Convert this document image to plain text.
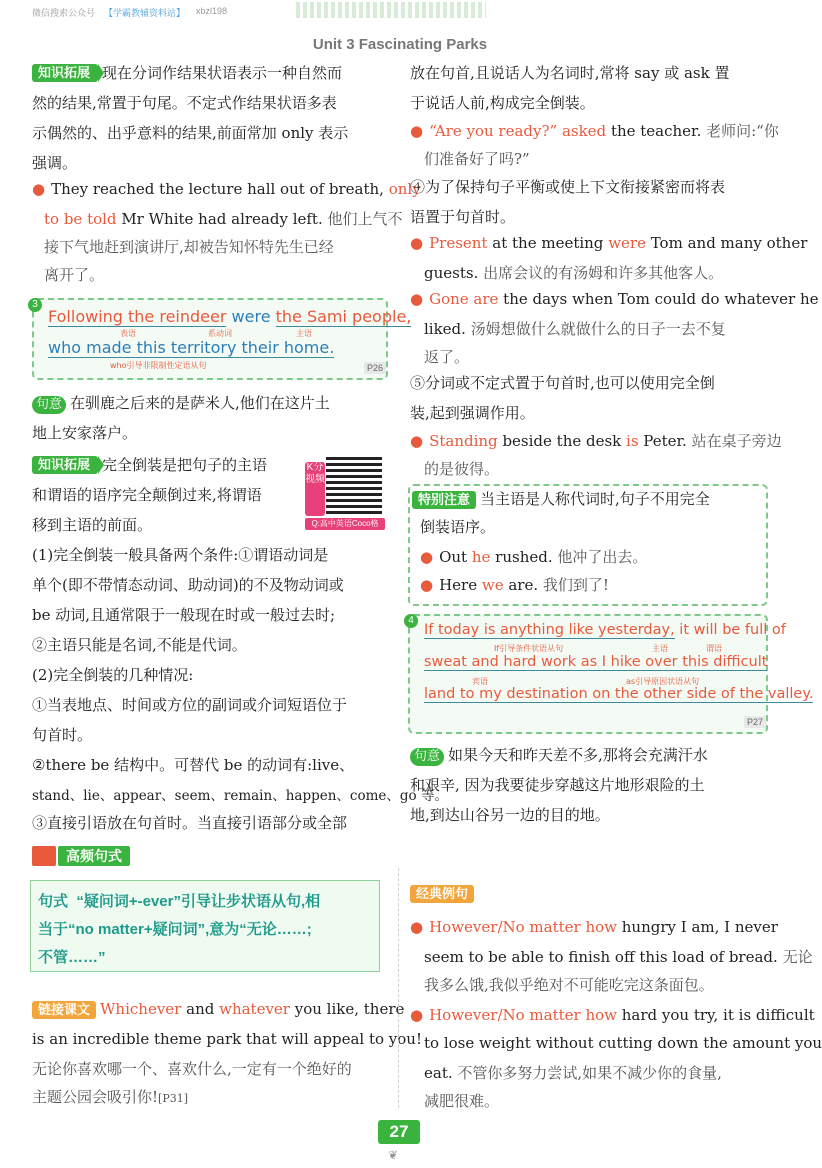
微信搜索公众号 【学霸教辅资料站】 xbzl198
Unit 3 Fascinating Parks
知识拓展 现在分词作结果状语表示一种自然而
然的结果,常置于句尾。不定式作结果状语多表
示偶然的、出乎意料的结果,前面常加 only 表示
强调。
● They reached the lecture hall out of breath, only
to be told Mr White had already left. 他们上气不
接下气地赶到演讲厅,却被告知怀特先生已经
离开了。
3
Following the reindeer were the Sami people,
表语	系动词	主语
who made this territory their home.
who引导非限制性定语从句	P26
句意 在驯鹿之后来的是萨米人,他们在这片土
地上安家落户。
知识拓展 完全倒装是把句子的主语
和谓语的语序完全颠倒过来,将谓语
移到主语的前面。
K分视频
Q:高中英语Coco格
(1)完全倒装一般具备两个条件:①谓语动词是
单个(即不带情态动词、助动词)的不及物动词或
be 动词,且通常限于一般现在时或一般过去时;
②主语只能是名词,不能是代词。
(2)完全倒装的几种情况:
①当表地点、时间或方位的副词或介词短语位于
句首时。
②there be 结构中。可替代 be 的动词有:live、
stand、lie、appear、seem、remain、happen、come、go 等。
③直接引语放在句首时。当直接引语部分或全部
放在句首,且说话人为名词时,常将 say 或 ask 置
于说话人前,构成完全倒装。
● “Are you ready?” asked the teacher. 老师问:“你
们准备好了吗?”
④为了保持句子平衡或使上下文衔接紧密而将表
语置于句首时。
● Present at the meeting were Tom and many other
guests. 出席会议的有汤姆和许多其他客人。
● Gone are the days when Tom could do whatever he
liked. 汤姆想做什么就做什么的日子一去不复
返了。
⑤分词或不定式置于句首时,也可以使用完全倒
装,起到强调作用。
● Standing beside the desk is Peter. 站在桌子旁边
的是彼得。
特别注意 当主语是人称代词时,句子不用完全
倒装语序。
● Out he rushed. 他冲了出去。
● Here we are. 我们到了!
4
If today is anything like yesterday, it will be full of
If引导条件状语从句	主语	谓语
sweat and hard work as I hike over this difficult
宾语	as引导原因状语从句
land to my destination on the other side of the valley.
P27
句意 如果今天和昨天差不多,那将会充满汗水
和艰辛, 因为我要徒步穿越这片地形艰险的土
地,到达山谷另一边的目的地。
高频句式
句式 “疑问词+-ever”引导让步状语从句,相
当于“no matter+疑问词”,意为“无论……;
不管……”
链接课文 Whichever and whatever you like, there
is an incredible theme park that will appeal to you!
无论你喜欢哪一个、喜欢什么,一定有一个绝好的
主题公园会吸引你![P31]
经典例句
● However/No matter how hungry I am, I never
seem to be able to finish off this load of bread. 无论
我多么饿,我似乎绝对不可能吃完这条面包。
● However/No matter how hard you try, it is difficult
to lose weight without cutting down the amount you
eat. 不管你多努力尝试,如果不减少你的食量,
减肥很难。
27
❦
